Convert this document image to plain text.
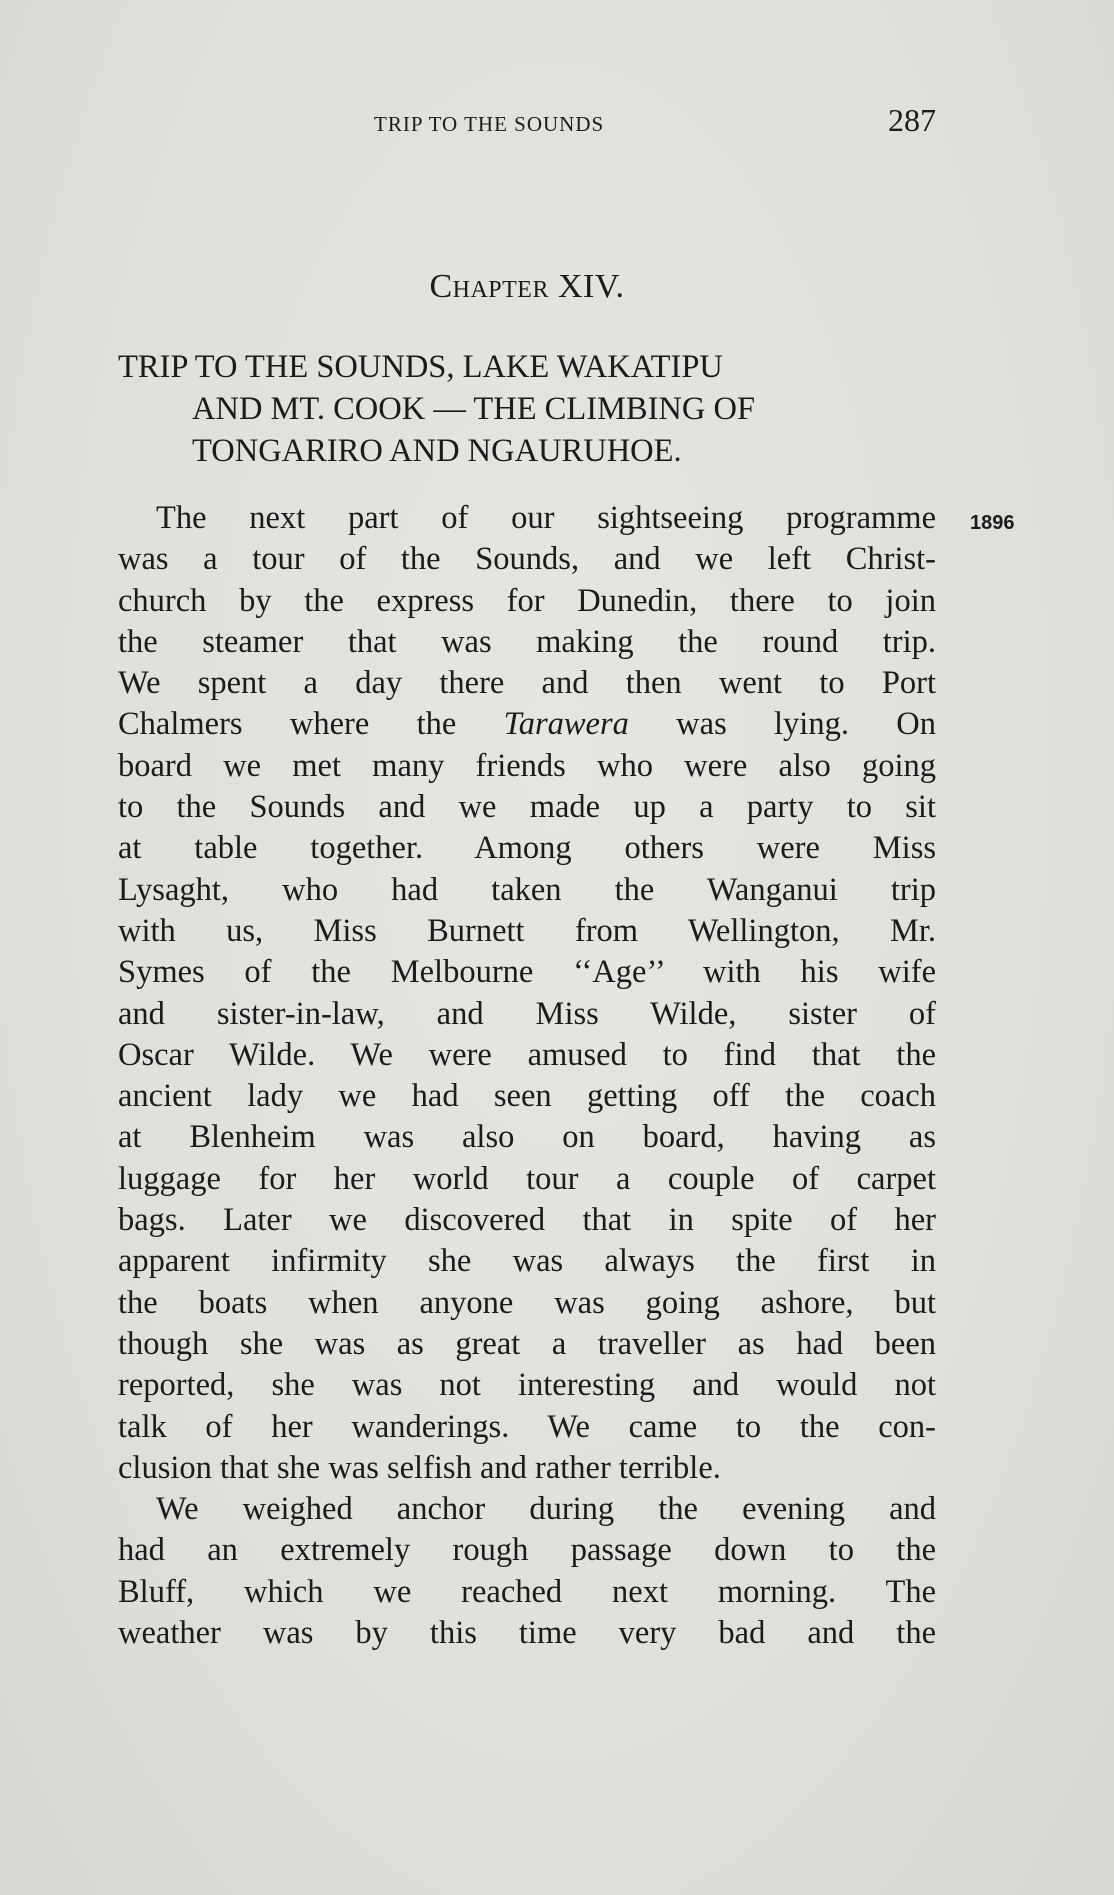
TRIP TO THE SOUNDS	287
Chapter XIV.
TRIP TO THE SOUNDS, LAKE WAKATIPU
AND MT. COOK — THE CLIMBING OF
TONGARIRO AND NGAURUHOE.
1896
The next part of our sightseeing programme
was a tour of the Sounds, and we left Christ-
church by the express for Dunedin, there to join
the steamer that was making the round trip.
We spent a day there and then went to Port
Chalmers where the Tarawera was lying. On
board we met many friends who were also going
to the Sounds and we made up a party to sit
at table together. Among others were Miss
Lysaght, who had taken the Wanganui trip
with us, Miss Burnett from Wellington, Mr.
Symes of the Melbourne ‘‘Age’’ with his wife
and sister-in-law, and Miss Wilde, sister of
Oscar Wilde. We were amused to find that the
ancient lady we had seen getting off the coach
at Blenheim was also on board, having as
luggage for her world tour a couple of carpet
bags. Later we discovered that in spite of her
apparent infirmity she was always the first in
the boats when anyone was going ashore, but
though she was as great a traveller as had been
reported, she was not interesting and would not
talk of her wanderings. We came to the con-
clusion that she was selfish and rather terrible.
We weighed anchor during the evening and
had an extremely rough passage down to the
Bluff, which we reached next morning. The
weather was by this time very bad and the
